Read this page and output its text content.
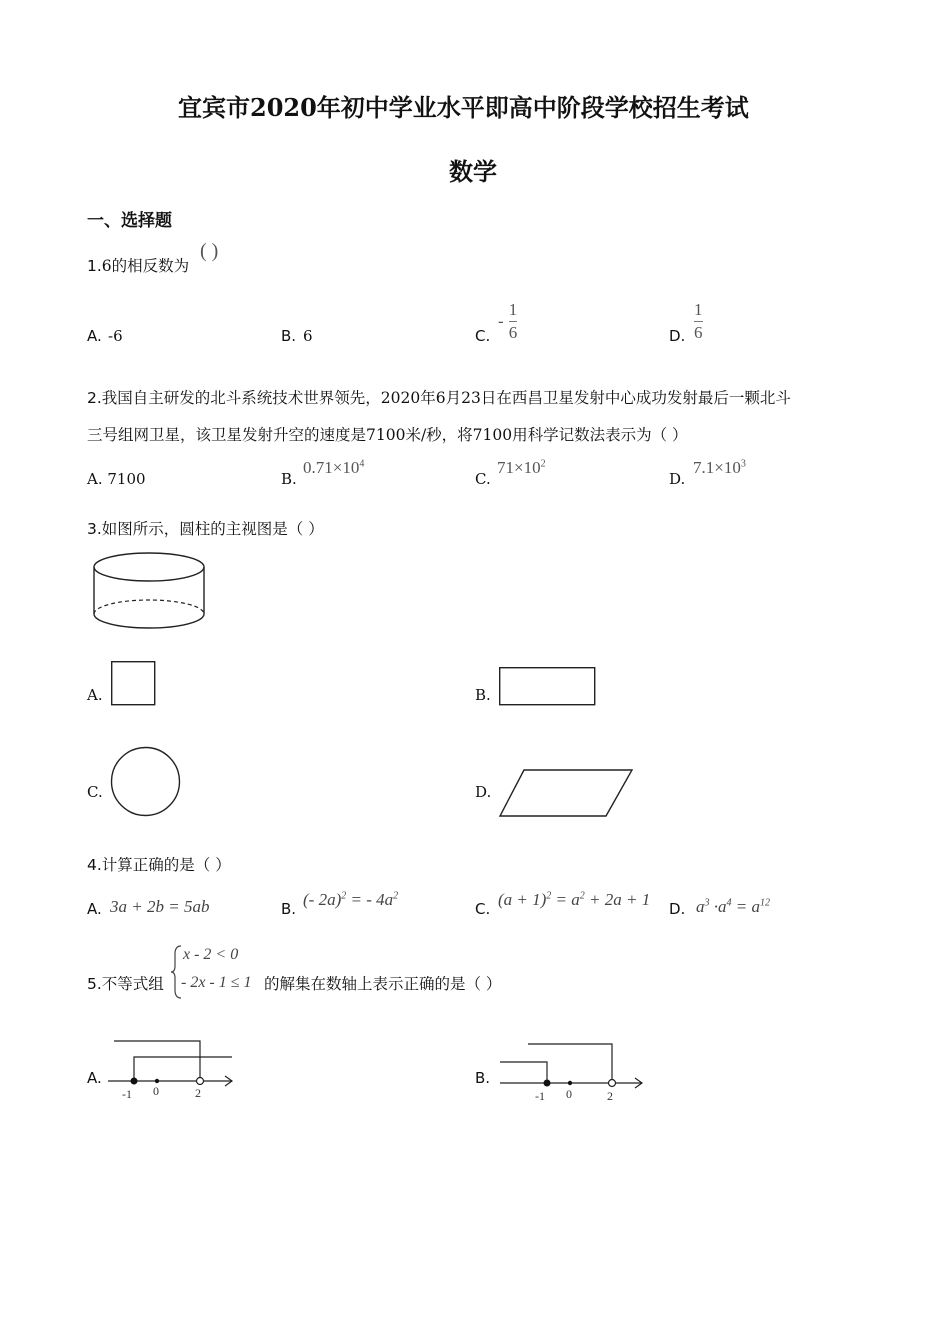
宜宾市2020年初中学业水平即高中阶段学校招生考试
数学
一、选择题
1.6的相反数为
( )
A. -6	B. 6	C.
- $\frac{1}{6}$	D. $\frac{1}{6}$
2.我国自主研发的北斗系统技术世界领先，2020年6月23日在西昌卫星发射中心成功发射最后一颗北斗
三号组网卫星，该卫星发射升空的速度是7100米/秒，将7100用科学记数法表示为（ ）
A. 7100	B.
$0.71\times 10^4$
C.
$71\times 10^2$
D.
$7.1\times 10^3$
3.如图所示，圆柱的主视图是（ ）
A.	B.
C.	D.
4.计算正确的是（ ）
A. 3a + 2b = 5ab	B. (- 2a)$^2$ = - $4a^2$
C. $(a + 1)^2 = a^2 + 2a + 1$ D. $a^3 \cdot a^4 = a^{12}$
5.不等式组
x - 2 < 0
- 2x - 1 ≤ 1 的解集在数轴上表示正确的是（ ）
A.
-1 0	2
B.
-1 0	2
